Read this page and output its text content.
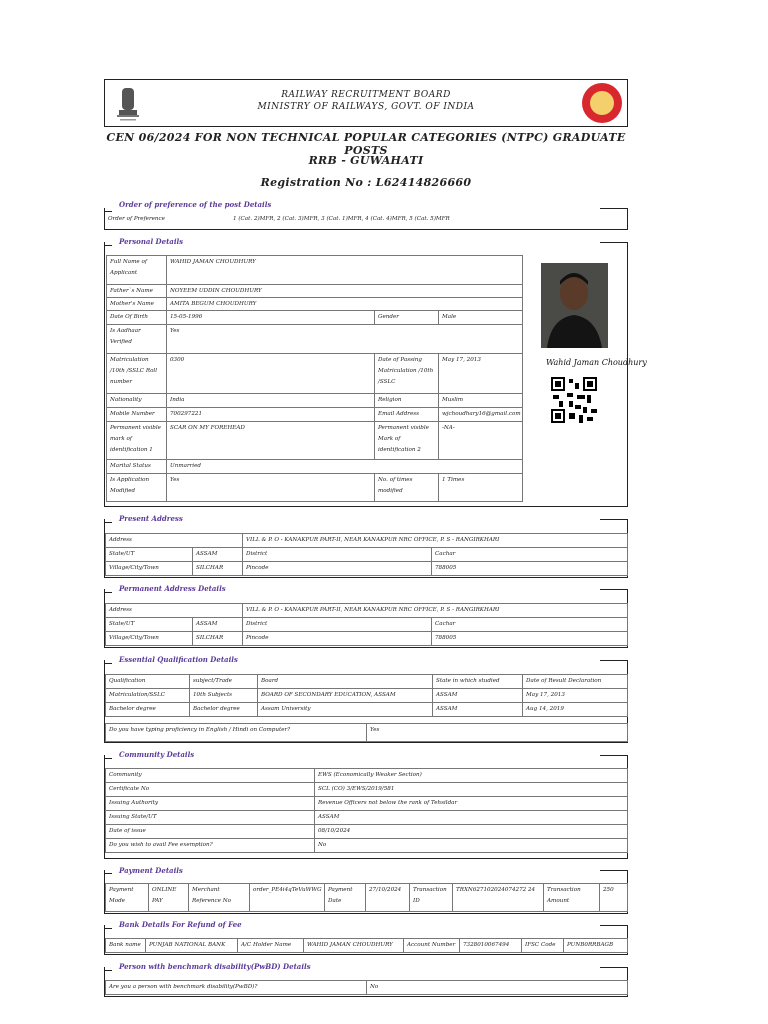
RAILWAY RECRUITMENT BOARD
MINISTRY OF RAILWAYS, GOVT. OF INDIA
CEN 06/2024 FOR NON TECHNICAL POPULAR CATEGORIES (NTPC) GRADUATE POSTS
RRB - GUWAHATI
Registration No : L62414826660
Order of preference of the post Details
Order of Preference	1 (Cat. 2)MFR, 2 (Cat. 3)MFR, 3 (Cat. 1)MFR, 4 (Cat. 4)MFR, 5 (Cat. 5)MFR
Personal Details
Full Name of Applicant	WAHID JAMAN CHOUDHURY		
Father`s Name	NOYEEM UDDIN CHOUDHURY		
Mother's Name	AMITA BEGUM CHOUDHURY		
Date Of Birth	15-05-1996	Gender	Male
Is Aadhaar Verified	Yes		
Matriculation /10th /SSLC Roll number	0300	Date of Passing Matriculation /10th /SSLC	May 17, 2013
Nationality	India	Religion	Muslim
Mobile Number	700297221	Email Address	wjchoudhary16@gmail.com
Permanent visible mark of identification 1	SCAR ON MY FOREHEAD	Permanent visible Mark of identification 2	-NA-
Marital Status	Unmarried		
Is Application Modified	Yes	No. of times modified	1 Times
Wahid Jaman Choudhury
Present Address
Address		VILL & P. O - KANAKPUR PART-II, NEAR KANAKPUR NRC OFFICE, P. S - RANGIRKHARI	
State/UT	ASSAM	District	Cachar
Village/City/Town	SILCHAR	Pincode	788005
Permanent Address Details
Address		VILL & P. O - KANAKPUR PART-II, NEAR KANAKPUR NRC OFFICE, P. S - RANGIRKHARI	
State/UT	ASSAM	District	Cachar
Village/City/Town	SILCHAR	Pincode	788005
Essential Qualification Details
Qualification	subject/Trade	Board	State in which studied	Date of Result Declaration
Matriculation/SSLC	10th Subjects	BOARD OF SECONDARY EDUCATION, ASSAM	ASSAM	May 17, 2013
Bachelor degree	Bachelor degree	Assam University	ASSAM	Aug 14, 2019
Do you have typing proficiency in English / Hindi on Computer?	Yes
Community Details
Community	EWS (Economically Weaker Section)
Certificate No	SCL (CO) 3/EWS/2019/581
Issuing Authority	Revenue Officers not below the rank of Tehsildar
Issuing State/UT	ASSAM
Date of issue	08/10/2024
Do you wish to avail Fee exemption?	No
Payment Details
Payment Mode	ONLINE PAY	Merchant Reference No	order_PE4i4qTeVuWWG	Payment Date	27/10/2024	Transaction ID	TRXN627102024074272 24	Transaction Amount	250
Bank Details For Refund of Fee
Bank name	PUNJAB NATIONAL BANK	A/C Holder Name	WAHID JAMAN CHOUDHURY	Account Number	7328010067494	IFSC Code	PUNB0RRBAGB
Person with benchmark disability(PwBD) Details
Are you a person with benchmark disability(PwBD)?	No
